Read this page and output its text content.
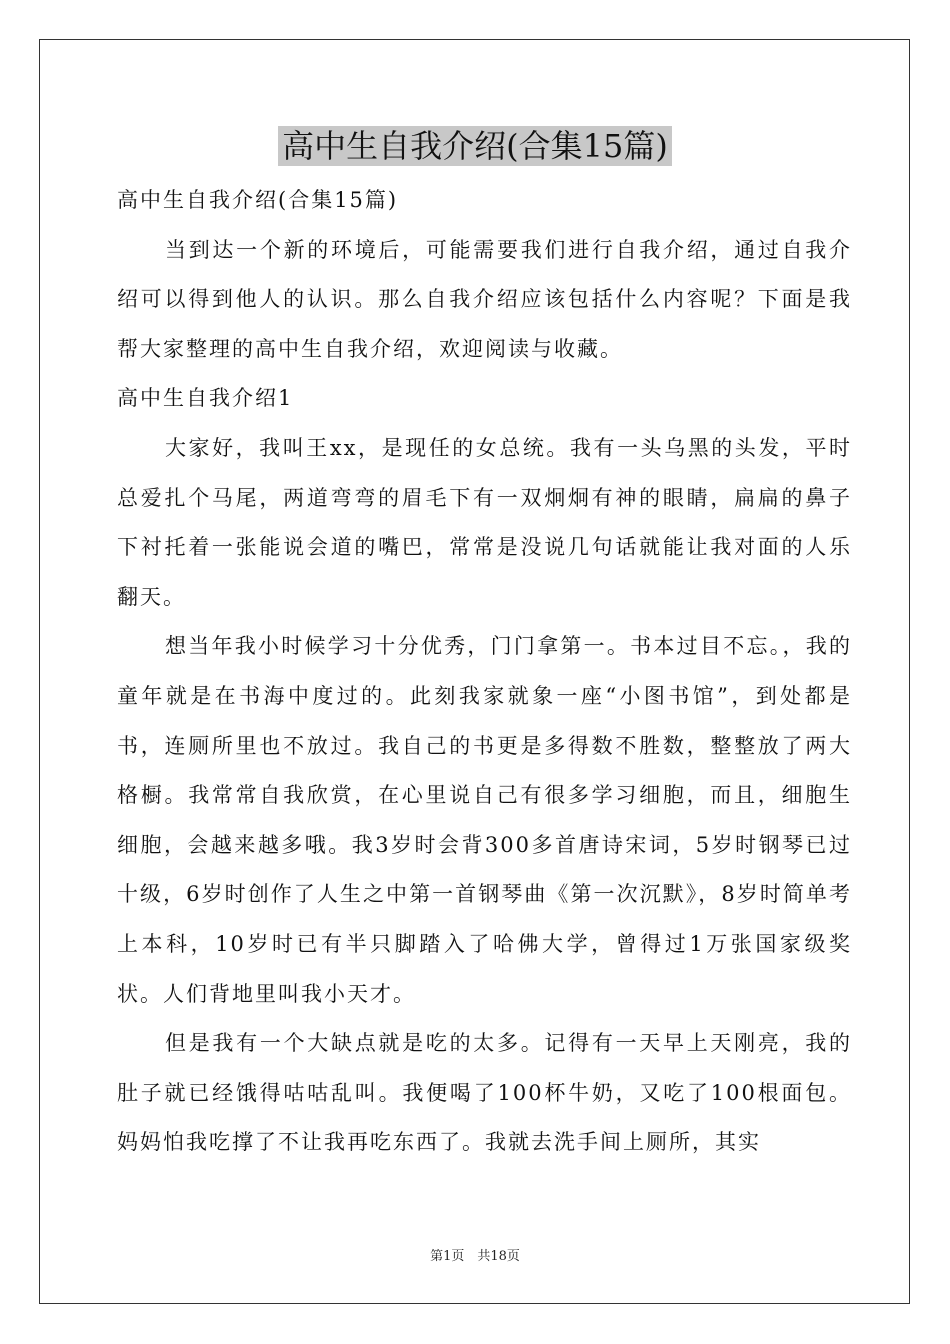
高中生自我介绍(合集15篇)
高中生自我介绍(合集15篇)

当到达一个新的环境后，可能需要我们进行自我介绍，通过自我介绍可以得到他人的认识。那么自我介绍应该包括什么内容呢？下面是我帮大家整理的高中生自我介绍，欢迎阅读与收藏。

高中生自我介绍1

大家好，我叫王xx，是现任的女总统。我有一头乌黑的头发，平时总爱扎个马尾，两道弯弯的眉毛下有一双炯炯有神的眼睛，扁扁的鼻子下衬托着一张能说会道的嘴巴，常常是没说几句话就能让我对面的人乐翻天。

想当年我小时候学习十分优秀，门门拿第一。书本过目不忘。，我的童年就是在书海中度过的。此刻我家就象一座“小图书馆”，到处都是书，连厕所里也不放过。我自己的书更是多得数不胜数，整整放了两大格橱。我常常自我欣赏，在心里说自己有很多学习细胞，而且，细胞生细胞，会越来越多哦。我3岁时会背300多首唐诗宋词，5岁时钢琴已过十级，6岁时创作了人生之中第一首钢琴曲《第一次沉默》，8岁时简单考上本科，10岁时已有半只脚踏入了哈佛大学，曾得过1万张国家级奖状。人们背地里叫我小天才。

但是我有一个大缺点就是吃的太多。记得有一天早上天刚亮，我的肚子就已经饿得咕咕乱叫。我便喝了100杯牛奶，又吃了100根面包。妈妈怕我吃撑了不让我再吃东西了。我就去洗手间上厕所，其实

第1页　共18页
